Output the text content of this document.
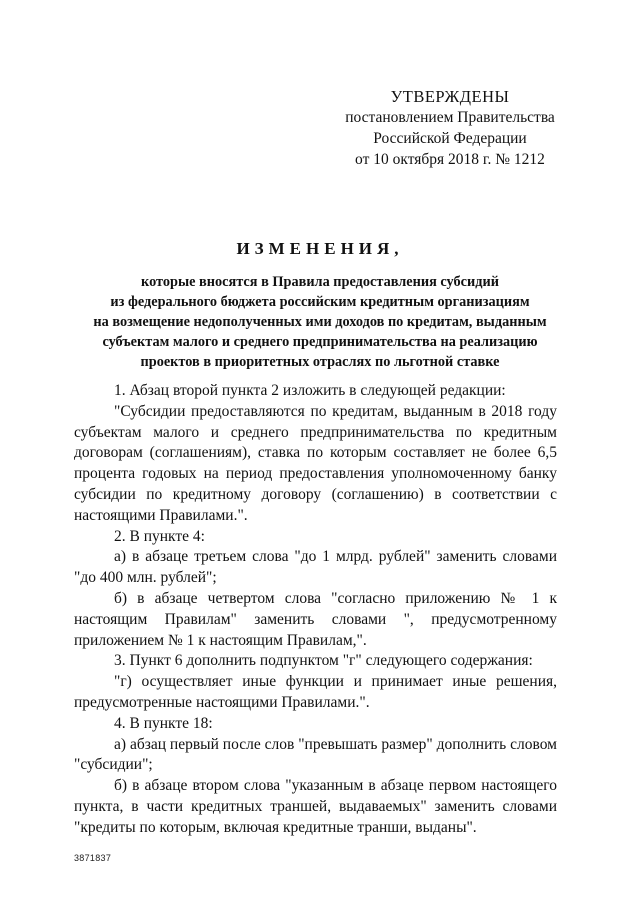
УТВЕРЖДЕНЫ
постановлением Правительства
Российской Федерации
от 10 октября 2018 г. № 1212
ИЗМЕНЕНИЯ,
которые вносятся в Правила предоставления субсидий
из федерального бюджета российским кредитным организациям
на возмещение недополученных ими доходов по кредитам, выданным
субъектам малого и среднего предпринимательства на реализацию
проектов в приоритетных отраслях по льготной ставке

1. Абзац второй пункта 2 изложить в следующей редакции:

"Субсидии предоставляются по кредитам, выданным в 2018 году субъектам малого и среднего предпринимательства по кредитным договорам (соглашениям), ставка по которым составляет не более 6,5 процента годовых на период предоставления уполномоченному банку субсидии по кредитному договору (соглашению) в соответствии с настоящими Правилами.".

2. В пункте 4:

а) в абзаце третьем слова "до 1 млрд. рублей" заменить словами "до 400 млн. рублей";

б) в абзаце четвертом слова "согласно приложению № 1 к настоящим Правилам" заменить словами ", предусмотренному приложением № 1 к настоящим Правилам,".

3. Пункт 6 дополнить подпунктом "г" следующего содержания:

"г) осуществляет иные функции и принимает иные решения, предусмотренные настоящими Правилами.".

4. В пункте 18:

а) абзац первый после слов "превышать размер" дополнить словом "субсидии";

б) в абзаце втором слова "указанным в абзаце первом настоящего пункта, в части кредитных траншей, выдаваемых" заменить словами "кредиты по которым, включая кредитные транши, выданы".

3871837
